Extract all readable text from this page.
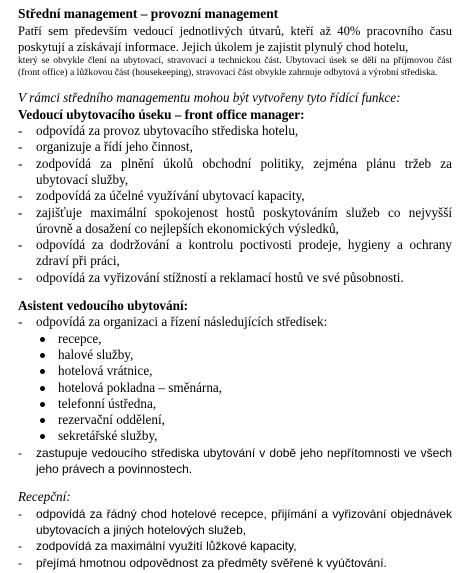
Střední management – provozní management
Patří sem především vedoucí jednotlivých útvarů, kteří až 40% pracovního času poskytují a získávají informace. Jejich úkolem je zajistit plynulý chod hotelu,
který se obvykle člení na ubytovací, stravovací a technickou část. Ubytovací úsek se dělí na příjmovou část (front office) a lůžkovou část (housekeeping), stravovací část obvykle zahrnuje odbytová a výrobní střediska.
V rámci středního managementu mohou být vytvořeny tyto řídící funkce:
Vedoucí ubytovacího úseku – front office manager:
- odpovídá za provoz ubytovacího střediska hotelu,
- organizuje a řídí jeho činnost,
- zodpovídá za plnění úkolů obchodní politiky, zejména plánu tržeb za ubytovací služby,
- zodpovídá za účelné využívání ubytovací kapacity,
- zajišťuje maximální spokojenost hostů poskytováním služeb co nejvyšší úrovně a dosažení co nejlepších ekonomických výsledků,
- odpovídá za dodržování a kontrolu poctivosti prodeje, hygieny a ochrany zdraví při práci,
- odpovídá za vyřizování stížností a reklamací hostů ve své působnosti.
Asistent vedoucího ubytování:
- odpovídá za organizaci a řízení následujících středisek:
recepce,
halové služby,
hotelová vrátnice,
hotelová pokladna – směnárna,
telefonní ústředna,
rezervační oddělení,
sekretářské služby,
- zastupuje vedoucího střediska ubytování v době jeho nepřítomnosti ve všech jeho právech a povinnostech.
Recepční:
- odpovídá za řádný chod hotelové recepce, přijímání a vyřizování objednávek ubytovacích a jiných hotelových služeb,
- zodpovídá za maximální využití lůžkové kapacity,
- přejímá hmotnou odpovědnost za předměty svěřené k vyúčtování.
